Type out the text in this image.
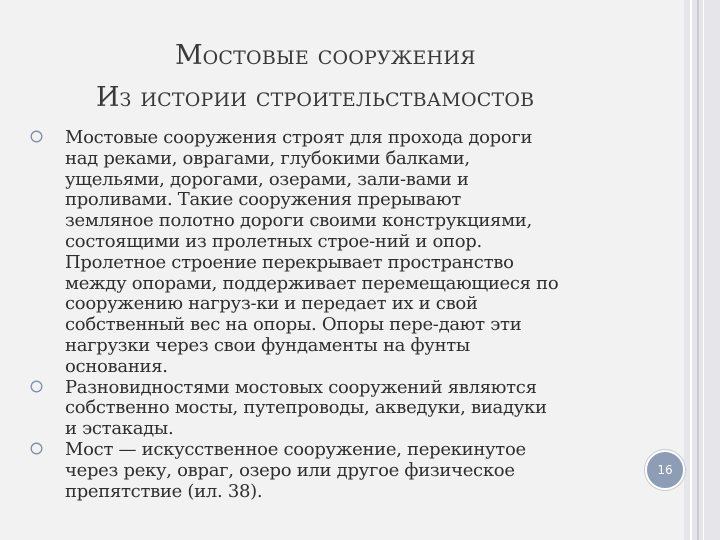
Мостовые сооружения
Из истории строительствамостов
Мостовые сооружения строят для прохода дороги
над реками, оврагами, глубокими балками,
ущельями, дорогами, озерами, зали-вами и
проливами. Такие сооружения прерывают
земляное полотно дороги своими конструкциями,
состоящими из пролетных строе-ний и опор.
Пролетное строение перекрывает пространство
между опорами, поддерживает перемещающиеся по
сооружению нагруз-ки и передает их и свой
собственный вес на опоры. Опоры пере-дают эти
нагрузки через свои фундаменты на фунты
основания.
Разновидностями мостовых сооружений являются
собственно мосты, путепроводы, акведуки, виадуки
и эстакады.
Мост — искусственное сооружение, перекинутое
через реку, овраг, озеро или другое физическое
препятствие (ил. 38).
16
